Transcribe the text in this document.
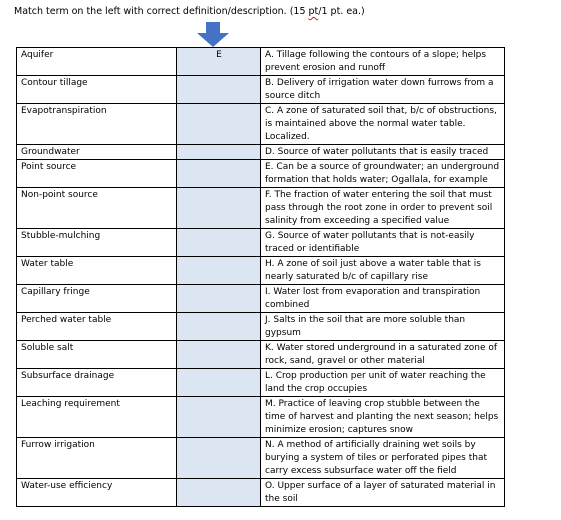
Match term on the left with correct definition/description. (15 pt/1 pt. ea.)
Aquifer	E	A. Tillage following the contours of a slope; helps prevent erosion and runoff
Contour tillage		B. Delivery of irrigation water down furrows from a source ditch
Evapotranspiration		C. A zone of saturated soil that, b/c of obstructions, is maintained above the normal water table. Localized.
Groundwater		D. Source of water pollutants that is easily traced
Point source		E. Can be a source of groundwater; an underground formation that holds water; Ogallala, for example
Non-point source		F. The fraction of water entering the soil that must pass through the root zone in order to prevent soil salinity from exceeding a specified value
Stubble-mulching		G. Source of water pollutants that is not-easily traced or identifiable
Water table		H. A zone of soil just above a water table that is nearly saturated b/c of capillary rise
Capillary fringe		I. Water lost from evaporation and transpiration combined
Perched water table		J. Salts in the soil that are more soluble than gypsum
Soluble salt		K. Water stored underground in a saturated zone of rock, sand, gravel or other material
Subsurface drainage		L. Crop production per unit of water reaching the land the crop occupies
Leaching requirement		M. Practice of leaving crop stubble between the time of harvest and planting the next season; helps minimize erosion; captures snow
Furrow irrigation		N. A method of artificially draining wet soils by burying a system of tiles or perforated pipes that carry excess subsurface water off the field
Water-use efficiency		O. Upper surface of a layer of saturated material in the soil
